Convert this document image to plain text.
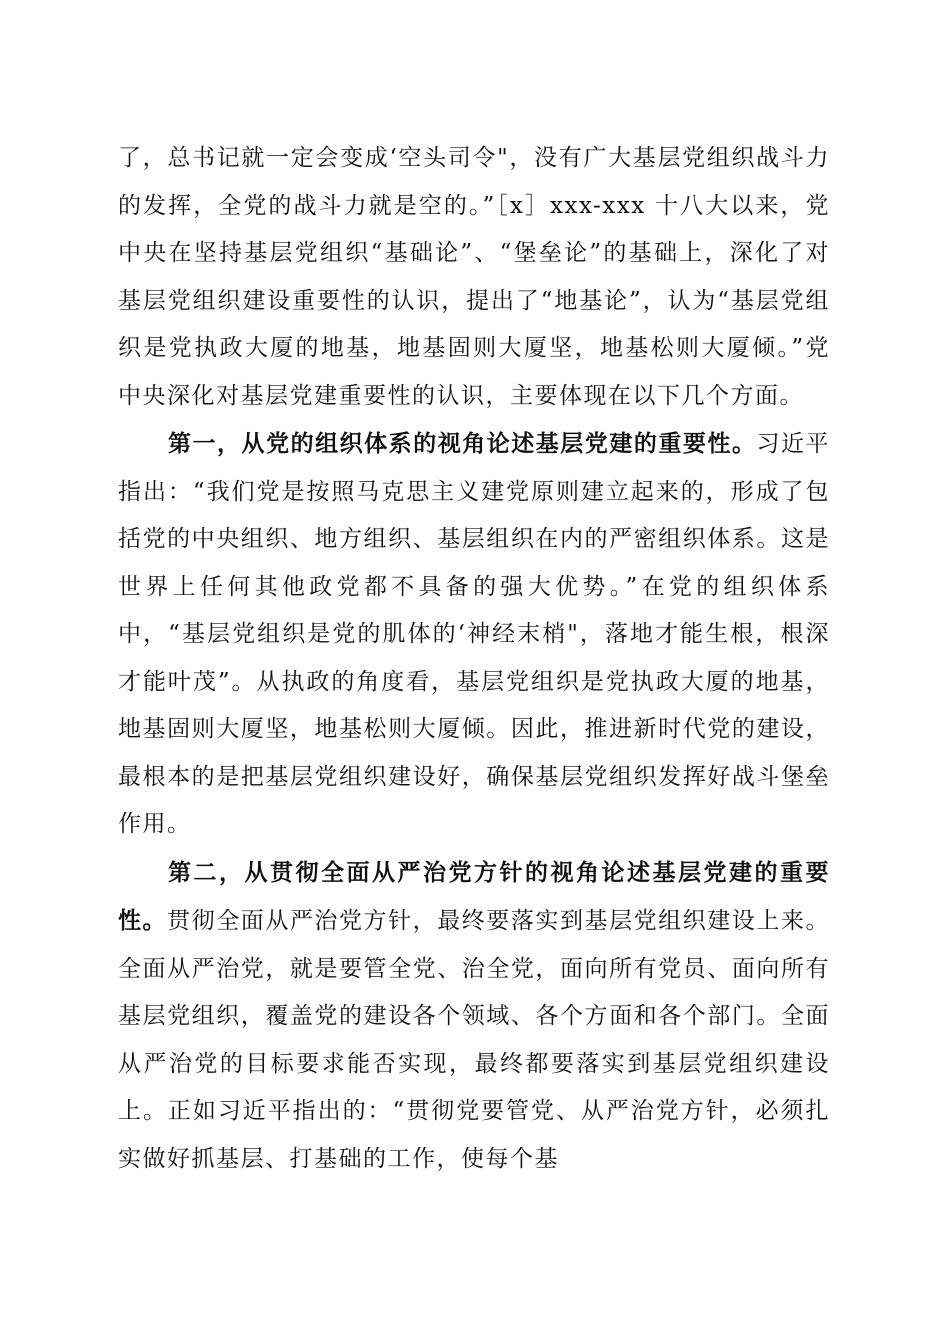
了，总书记就一定会变成‘空头司令"，没有广大基层党组织战斗力的发挥，全党的战斗力就是空的。”［x］xxx-xxx 十八大以来，党中央在坚持基层党组织“基础论”、“堡垒论”的基础上，深化了对基层党组织建设重要性的认识，提出了“地基论”，认为“基层党组织是党执政大厦的地基，地基固则大厦坚，地基松则大厦倾。”党中央深化对基层党建重要性的认识，主要体现在以下几个方面。

第一，从党的组织体系的视角论述基层党建的重要性。习近平指出：“我们党是按照马克思主义建党原则建立起来的，形成了包括党的中央组织、地方组织、基层组织在内的严密组织体系。这是世界上任何其他政党都不具备的强大优势。”在党的组织体系中，“基层党组织是党的肌体的‘神经末梢"，落地才能生根，根深才能叶茂”。从执政的角度看，基层党组织是党执政大厦的地基，地基固则大厦坚，地基松则大厦倾。因此，推进新时代党的建设，最根本的是把基层党组织建设好，确保基层党组织发挥好战斗堡垒作用。

第二，从贯彻全面从严治党方针的视角论述基层党建的重要性。贯彻全面从严治党方针，最终要落实到基层党组织建设上来。全面从严治党，就是要管全党、治全党，面向所有党员、面向所有基层党组织，覆盖党的建设各个领域、各个方面和各个部门。全面从严治党的目标要求能否实现，最终都要落实到基层党组织建设上。正如习近平指出的：“贯彻党要管党、从严治党方针，必须扎实做好抓基层、打基础的工作，使每个基
